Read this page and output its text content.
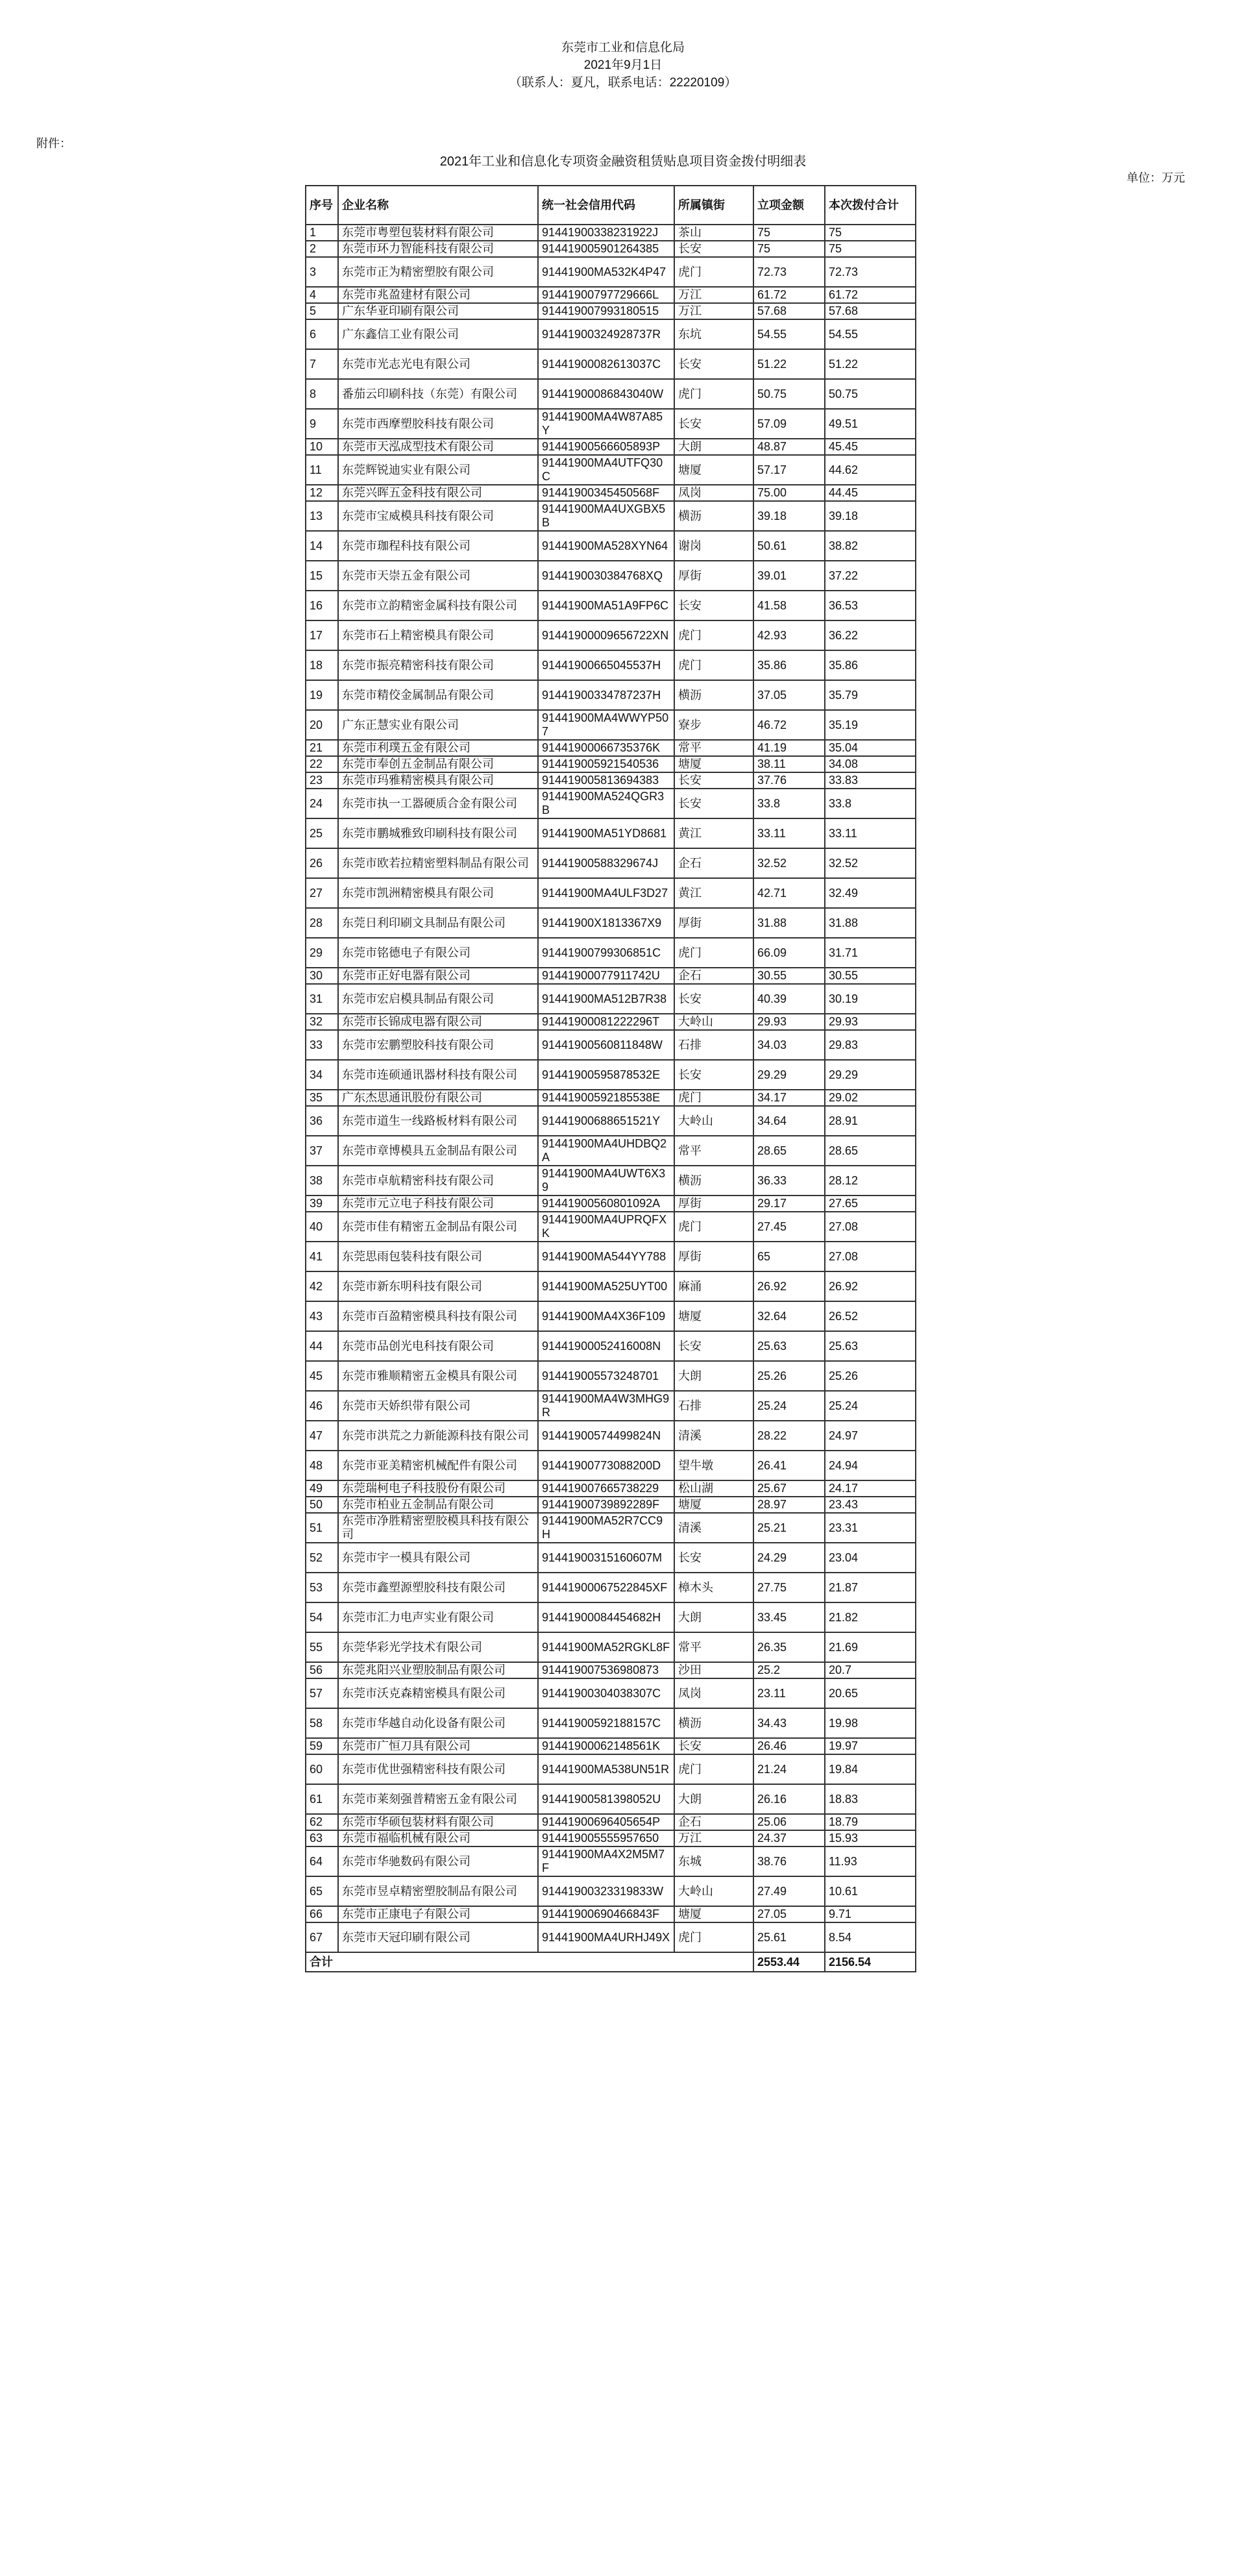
东莞市工业和信息化局
2021年9月1日
（联系人：夏凡，联系电话：22220109）
附件：
2021年工业和信息化专项资金融资租赁贴息项目资金拨付明细表
单位：万元
序号	企业名称	统一社会信用代码	所属镇街	立项金额	本次拨付合计
1	东莞市粤塑包装材料有限公司	91441900338231922J	茶山	75	75
2	东莞市环力智能科技有限公司	914419005901264385	长安	75	75
3	东莞市正为精密塑胶有限公司	91441900MA532K4P47	虎门	72.73	72.73
4	东莞市兆盈建材有限公司	91441900797729666L	万江	61.72	61.72
5	广东华亚印刷有限公司	914419007993180515	万江	57.68	57.68
6	广东鑫信工业有限公司	91441900324928737R	东坑	54.55	54.55
7	东莞市光志光电有限公司	91441900082613037C	长安	51.22	51.22
8	番茄云印刷科技（东莞）有限公司	91441900086843040W	虎门	50.75	50.75
9	东莞市西摩塑胶科技有限公司	91441900MA4W87A85Y	长安	57.09	49.51
10	东莞市天泓成型技术有限公司	91441900566605893P	大朗	48.87	45.45
11	东莞辉锐迪实业有限公司	91441900MA4UTFQ30C	塘厦	57.17	44.62
12	东莞兴晖五金科技有限公司	91441900345450568F	凤岗	75.00	44.45
13	东莞市宝威模具科技有限公司	91441900MA4UXGBX5B	横沥	39.18	39.18
14	东莞市珈程科技有限公司	91441900MA528XYN64	谢岗	50.61	38.82
15	东莞市天崇五金有限公司	9144190030384768XQ	厚街	39.01	37.22
16	东莞市立韵精密金属科技有限公司	91441900MA51A9FP6C	长安	41.58	36.53
17	东莞市石上精密模具有限公司	91441900009656722XN	虎门	42.93	36.22
18	东莞市振亮精密科技有限公司	91441900665045537H	虎门	35.86	35.86
19	东莞市精佼金属制品有限公司	91441900334787237H	横沥	37.05	35.79
20	广东正慧实业有限公司	91441900MA4WWYP507	寮步	46.72	35.19
21	东莞市利璞五金有限公司	91441900066735376K	常平	41.19	35.04
22	东莞市奉创五金制品有限公司	914419005921540536	塘厦	38.11	34.08
23	东莞市玛雅精密模具有限公司	914419005813694383	长安	37.76	33.83
24	东莞市执一工器硬质合金有限公司	91441900MA524QGR3B	长安	33.8	33.8
25	东莞市鹏城雅致印刷科技有限公司	91441900MA51YD8681	黄江	33.11	33.11
26	东莞市欧若拉精密塑料制品有限公司	91441900588329674J	企石	32.52	32.52
27	东莞市凯洲精密模具有限公司	91441900MA4ULF3D27	黄江	42.71	32.49
28	东莞日利印刷文具制品有限公司	91441900X1813367X9	厚街	31.88	31.88
29	东莞市铭德电子有限公司	91441900799306851C	虎门	66.09	31.71
30	东莞市正好电器有限公司	91441900077911742U	企石	30.55	30.55
31	东莞市宏启模具制品有限公司	91441900MA512B7R38	长安	40.39	30.19
32	东莞市长锦成电器有限公司	91441900081222296T	大岭山	29.93	29.93
33	东莞市宏鹏塑胶科技有限公司	91441900560811848W	石排	34.03	29.83
34	东莞市连硕通讯器材科技有限公司	91441900595878532E	长安	29.29	29.29
35	广东杰思通讯股份有限公司	91441900592185538E	虎门	34.17	29.02
36	东莞市道生一线路板材料有限公司	91441900688651521Y	大岭山	34.64	28.91
37	东莞市章博模具五金制品有限公司	91441900MA4UHDBQ2A	常平	28.65	28.65
38	东莞市卓航精密科技有限公司	91441900MA4UWT6X39	横沥	36.33	28.12
39	东莞市元立电子科技有限公司	91441900560801092A	厚街	29.17	27.65
40	东莞市佳有精密五金制品有限公司	91441900MA4UPRQFXK	虎门	27.45	27.08
41	东莞思雨包装科技有限公司	91441900MA544YY788	厚街	65	27.08
42	东莞市新东明科技有限公司	91441900MA525UYT00	麻涌	26.92	26.92
43	东莞市百盈精密模具科技有限公司	91441900MA4X36F109	塘厦	32.64	26.52
44	东莞市品创光电科技有限公司	91441900052416008N	长安	25.63	25.63
45	东莞市雅顺精密五金模具有限公司	914419005573248701	大朗	25.26	25.26
46	东莞市天娇织带有限公司	91441900MA4W3MHG9R	石排	25.24	25.24
47	东莞市洪荒之力新能源科技有限公司	91441900574499824N	清溪	28.22	24.97
48	东莞市亚美精密机械配件有限公司	91441900773088200D	望牛墩	26.41	24.94
49	东莞瑞柯电子科技股份有限公司	914419007665738229	松山湖	25.67	24.17
50	东莞市柏业五金制品有限公司	91441900739892289F	塘厦	28.97	23.43
51	东莞市净胜精密塑胶模具科技有限公司	91441900MA52R7CC9H	清溪	25.21	23.31
52	东莞市宇一模具有限公司	91441900315160607M	长安	24.29	23.04
53	东莞市鑫塑源塑胶科技有限公司	91441900067522845XF	樟木头	27.75	21.87
54	东莞市汇力电声实业有限公司	91441900084454682H	大朗	33.45	21.82
55	东莞华彩光学技术有限公司	91441900MA52RGKL8F	常平	26.35	21.69
56	东莞兆阳兴业塑胶制品有限公司	914419007536980873	沙田	25.2	20.7
57	东莞市沃克森精密模具有限公司	91441900304038307C	凤岗	23.11	20.65
58	东莞市华越自动化设备有限公司	91441900592188157C	横沥	34.43	19.98
59	东莞市广恒刀具有限公司	91441900062148561K	长安	26.46	19.97
60	东莞市优世强精密科技有限公司	91441900MA538UN51R	虎门	21.24	19.84
61	东莞市莱刻强普精密五金有限公司	91441900581398052U	大朗	26.16	18.83
62	东莞市华硕包装材料有限公司	91441900696405654P	企石	25.06	18.79
63	东莞市福临机械有限公司	914419005555957650	万江	24.37	15.93
64	东莞市华驰数码有限公司	91441900MA4X2M5M7F	东城	38.76	11.93
65	东莞市昱卓精密塑胶制品有限公司	91441900323319833W	大岭山	27.49	10.61
66	东莞市正康电子有限公司	91441900690466843F	塘厦	27.05	9.71
67	东莞市天冠印刷有限公司	91441900MA4URHJ49X	虎门	25.61	8.54
合计				2553.44	2156.54
